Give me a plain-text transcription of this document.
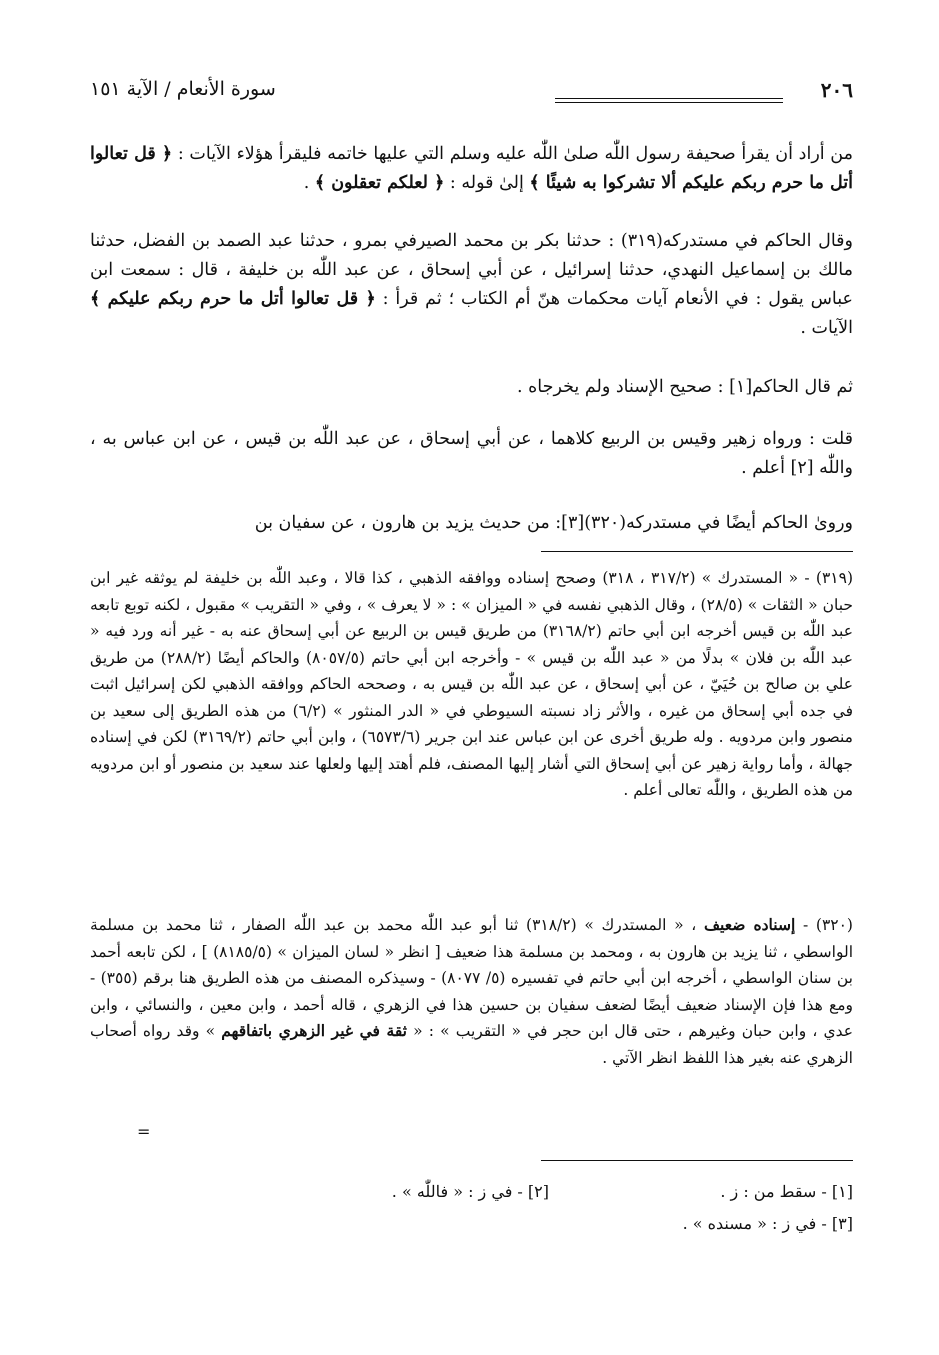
٢٠٦
سورة الأنعام / الآية ١٥١

من أراد أن يقرأ صحيفة رسول اللّٰه صلىٰ اللّٰه عليه وسلم التي عليها خاتمه فليقرأ هؤلاء الآيات : ﴿ قل تعالوا أتل ما حرم ربكم عليكم ألا تشركوا به شيئًا ﴾ إلىٰ قوله : ﴿ لعلكم تعقلون ﴾ .

وقال الحاكم في مستدركه(٣١٩) : حدثنا بكر بن محمد الصيرفي بمرو ، حدثنا عبد الصمد بن الفضل، حدثنا مالك بن إسماعيل النهدي، حدثنا إسرائيل ، عن أبي إسحاق ، عن عبد اللّٰه بن خليفة ، قال : سمعت ابن عباس يقول : في الأنعام آيات محكمات هنّ أم الكتاب ؛ ثم قرأ : ﴿ قل تعالوا أتل ما حرم ربكم عليكم ﴾ الآيات .

ثم قال الحاكم[١] : صحيح الإسناد ولم يخرجاه .

قلت : ورواه زهير وقيس بن الربيع كلاهما ، عن أبي إسحاق ، عن عبد اللّٰه بن قيس ، عن ابن عباس به ، واللّٰه [٢] أعلم .

وروىٰ الحاكم أيضًا في مستدركه(٣٢٠)[٣]: من حديث يزيد بن هارون ، عن سفيان بن

(٣١٩) - « المستدرك » (٣١٧/٢ ، ٣١٨) وصحح إسناده ووافقه الذهبي ، كذا قالا ، وعبد اللّٰه بن خليفة لم يوثقه غير ابن حبان « الثقات » (٢٨/٥) ، وقال الذهبي نفسه في « الميزان » : « لا يعرف » ، وفي « التقريب » مقبول ، لكنه توبع تابعه عبد اللّٰه بن قيس أخرجه ابن أبي حاتم (٣١٦٨/٢) من طريق قيس بن الربيع عن أبي إسحاق عنه به - غير أنه ورد فيه « عبد اللّٰه بن فلان » بدلًا من « عبد اللّٰه بن قيس » - وأخرجه ابن أبي حاتم (٨٠٥٧/٥) والحاكم أيضًا (٢٨٨/٢) من طريق علي بن صالح بن حُيَيّ ، عن أبي إسحاق ، عن عبد اللّٰه بن قيس به ، وصححه الحاكم ووافقه الذهبي لكن إسرائيل اثبت في جده أبي إسحاق من غيره ، والأثر زاد نسبته السيوطي في « الدر المنثور » (٦/٢) من هذه الطريق إلى سعيد بن منصور وابن مردويه . وله طريق أخرى عن ابن عباس عند ابن جرير (٦٥٧٣/٦) ، وابن أبي حاتم (٣١٦٩/٢) لكن في إسناده جهالة ، وأما رواية زهير عن أبي إسحاق التي أشار إليها المصنف، فلم أهتد إليها ولعلها عند سعيد بن منصور أو ابن مردويه من هذه الطريق ، واللّٰه تعالى أعلم .

(٣٢٠) - إسناده ضعيف ، « المستدرك » (٣١٨/٢) ثنا أبو عبد اللّٰه محمد بن عبد اللّٰه الصفار ، ثنا محمد بن مسلمة الواسطي ، ثنا يزيد بن هارون به ، ومحمد بن مسلمة هذا ضعيف [ انظر « لسان الميزان » (٨١٨٥/٥) ] ، لكن تابعه أحمد بن سنان الواسطي ، أخرجه ابن أبي حاتم في تفسيره (٥/ ٨٠٧٧) - وسيذكره المصنف من هذه الطريق هنا برقم (٣٥٥) - ومع هذا فإن الإسناد ضعيف أيضًا لضعف سفيان بن حسين هذا في الزهري ، قاله أحمد ، وابن معين ، والنسائي ، وابن عدي ، وابن حبان وغيرهم ، حتى قال ابن حجر في « التقريب » : « ثقة في غير الزهري باتفاقهم » وقد رواه أصحاب الزهري عنه بغير هذا اللفظ انظر الآتي .

=
[١] - سقط من : ز .
[٢] - في ز : « فاللّٰه » .
[٣] - في ز : « مسنده » .
